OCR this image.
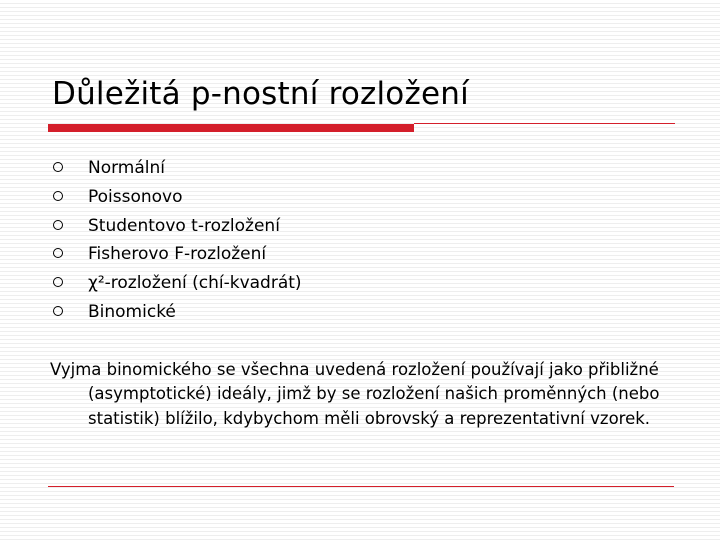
Důležitá p-nostní rozložení
Normální
Poissonovo
Studentovo t-rozložení
Fisherovo F-rozložení
χ²-rozložení (chí-kvadrát)
Binomické
Vyjma binomického se všechna uvedená rozložení používají jako přibližné (asymptotické) ideály, jimž by se rozložení našich proměnných (nebo statistik) blížilo, kdybychom měli obrovský a reprezentativní vzorek.
